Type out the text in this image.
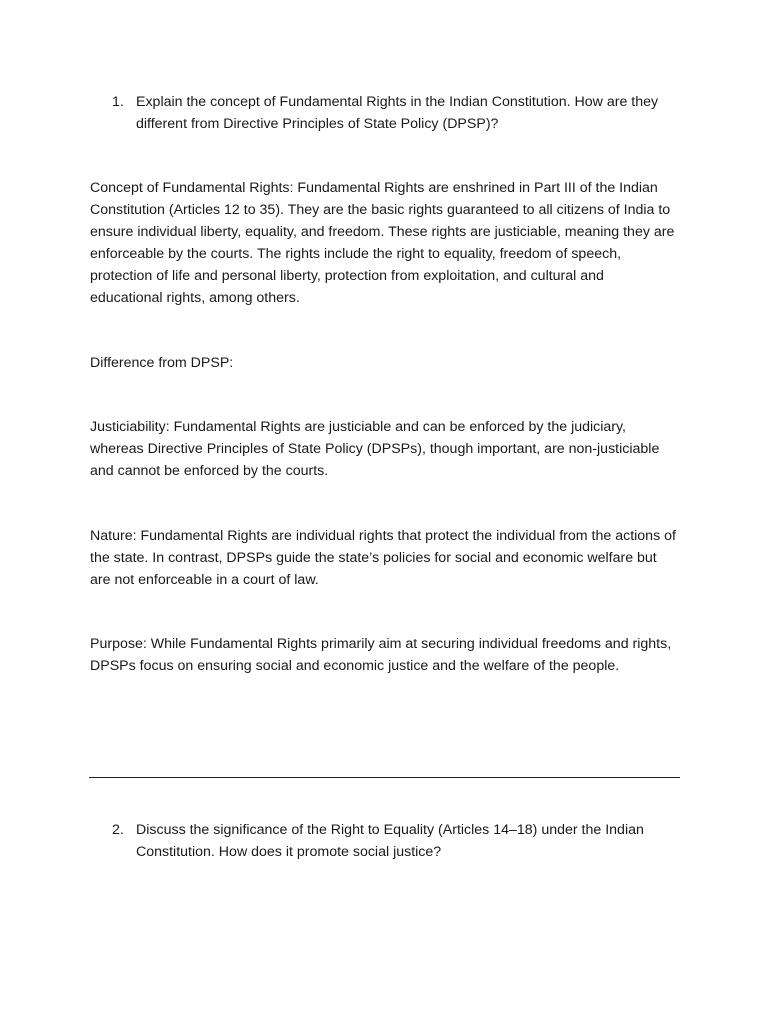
1. Explain the concept of Fundamental Rights in the Indian Constitution. How are they different from Directive Principles of State Policy (DPSP)?

Concept of Fundamental Rights: Fundamental Rights are enshrined in Part III of the Indian Constitution (Articles 12 to 35). They are the basic rights guaranteed to all citizens of India to ensure individual liberty, equality, and freedom. These rights are justiciable, meaning they are enforceable by the courts. The rights include the right to equality, freedom of speech, protection of life and personal liberty, protection from exploitation, and cultural and educational rights, among others.

Difference from DPSP:

Justiciability: Fundamental Rights are justiciable and can be enforced by the judiciary, whereas Directive Principles of State Policy (DPSPs), though important, are non-justiciable and cannot be enforced by the courts.

Nature: Fundamental Rights are individual rights that protect the individual from the actions of the state. In contrast, DPSPs guide the state’s policies for social and economic welfare but are not enforceable in a court of law.

Purpose: While Fundamental Rights primarily aim at securing individual freedoms and rights, DPSPs focus on ensuring social and economic justice and the welfare of the people.

2. Discuss the significance of the Right to Equality (Articles 14–18) under the Indian Constitution. How does it promote social justice?
